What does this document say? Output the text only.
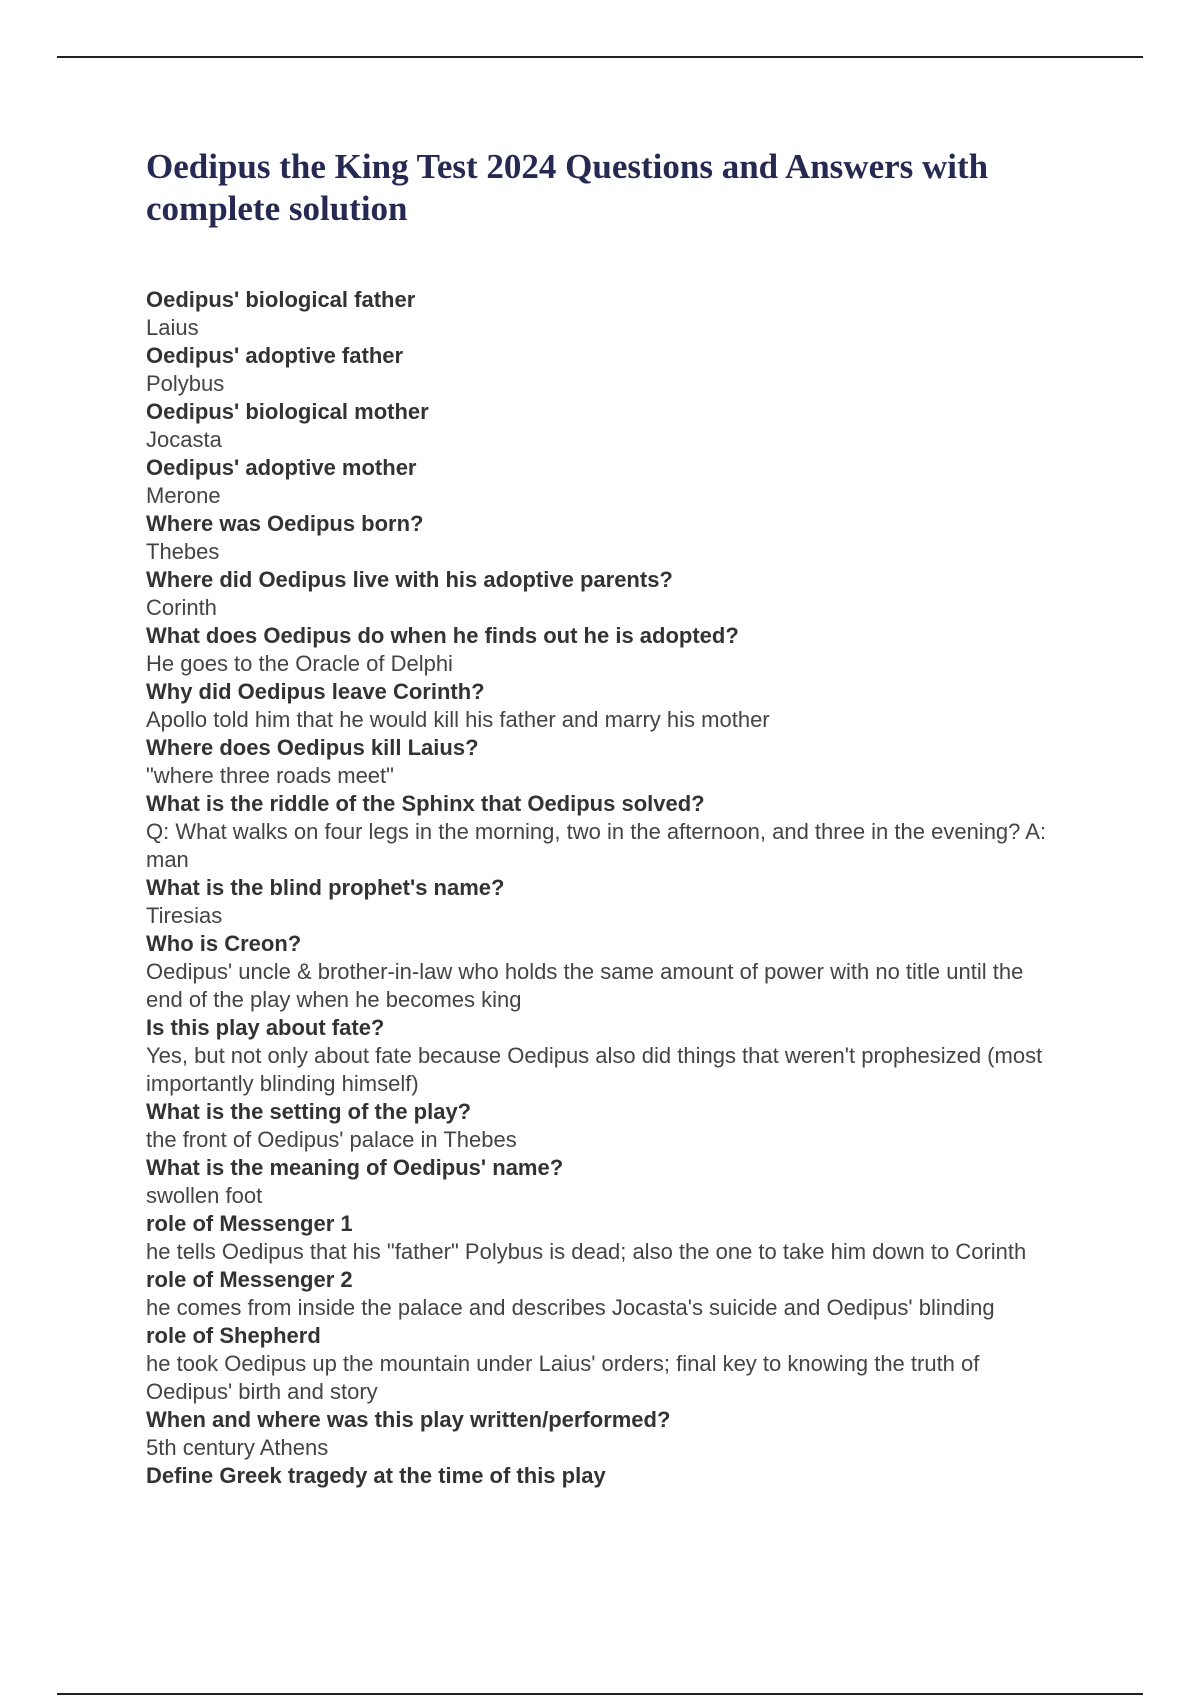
Oedipus the King Test 2024 Questions and Answers with complete solution
Oedipus' biological father
Laius
Oedipus' adoptive father
Polybus
Oedipus' biological mother
Jocasta
Oedipus' adoptive mother
Merone
Where was Oedipus born?
Thebes
Where did Oedipus live with his adoptive parents?
Corinth
What does Oedipus do when he finds out he is adopted?
He goes to the Oracle of Delphi
Why did Oedipus leave Corinth?
Apollo told him that he would kill his father and marry his mother
Where does Oedipus kill Laius?
"where three roads meet"
What is the riddle of the Sphinx that Oedipus solved?
Q: What walks on four legs in the morning, two in the afternoon, and three in the evening? A: man
What is the blind prophet's name?
Tiresias
Who is Creon?
Oedipus' uncle & brother-in-law who holds the same amount of power with no title until the end of the play when he becomes king
Is this play about fate?
Yes, but not only about fate because Oedipus also did things that weren't prophesized (most importantly blinding himself)
What is the setting of the play?
the front of Oedipus' palace in Thebes
What is the meaning of Oedipus' name?
swollen foot
role of Messenger 1
he tells Oedipus that his "father" Polybus is dead; also the one to take him down to Corinth
role of Messenger 2
he comes from inside the palace and describes Jocasta's suicide and Oedipus' blinding
role of Shepherd
he took Oedipus up the mountain under Laius' orders; final key to knowing the truth of Oedipus' birth and story
When and where was this play written/performed?
5th century Athens
Define Greek tragedy at the time of this play
